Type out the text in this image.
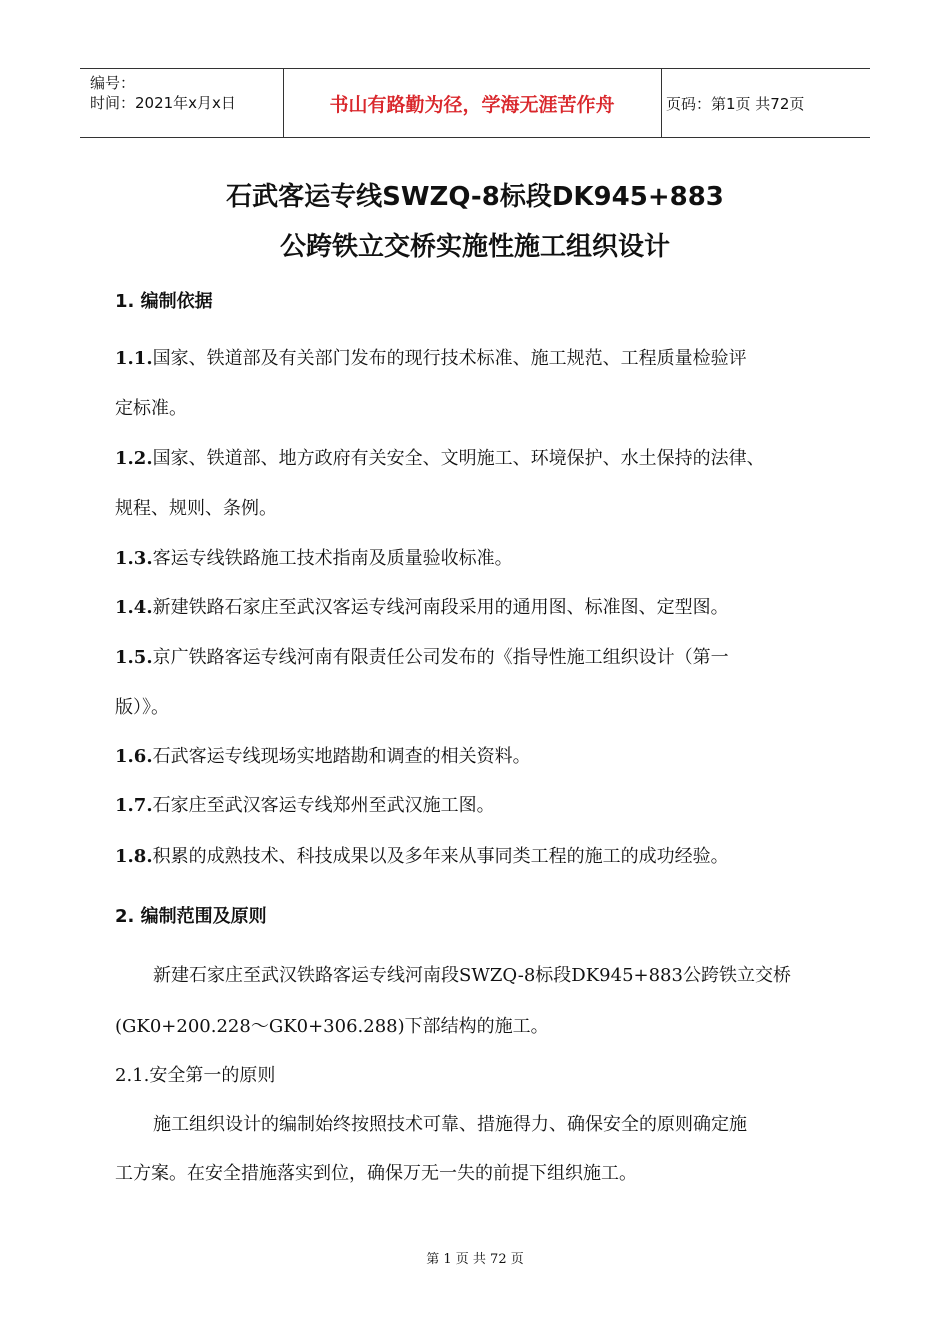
编号：
时间：2021年x月x日	书山有路勤为径，学海无涯苦作舟	页码：第1页 共72页
石武客运专线SWZQ-8标段DK945+883
公跨铁立交桥实施性施工组织设计
1. 编制依据
1.1.国家、铁道部及有关部门发布的现行技术标准、施工规范、工程质量检验评
定标准。
1.2.国家、铁道部、地方政府有关安全、文明施工、环境保护、水土保持的法律、
规程、规则、条例。
1.3.客运专线铁路施工技术指南及质量验收标准。
1.4.新建铁路石家庄至武汉客运专线河南段采用的通用图、标准图、定型图。
1.5.京广铁路客运专线河南有限责任公司发布的《指导性施工组织设计（第一
版）》。
1.6.石武客运专线现场实地踏勘和调查的相关资料。
1.7.石家庄至武汉客运专线郑州至武汉施工图。
1.8.积累的成熟技术、科技成果以及多年来从事同类工程的施工的成功经验。
2. 编制范围及原则
新建石家庄至武汉铁路客运专线河南段SWZQ-8标段DK945+883公跨铁立交桥
(GK0+200.228～GK0+306.288)下部结构的施工。
2.1.安全第一的原则
施工组织设计的编制始终按照技术可靠、措施得力、确保安全的原则确定施
工方案。在安全措施落实到位，确保万无一失的前提下组织施工。
第 1 页 共 72 页
